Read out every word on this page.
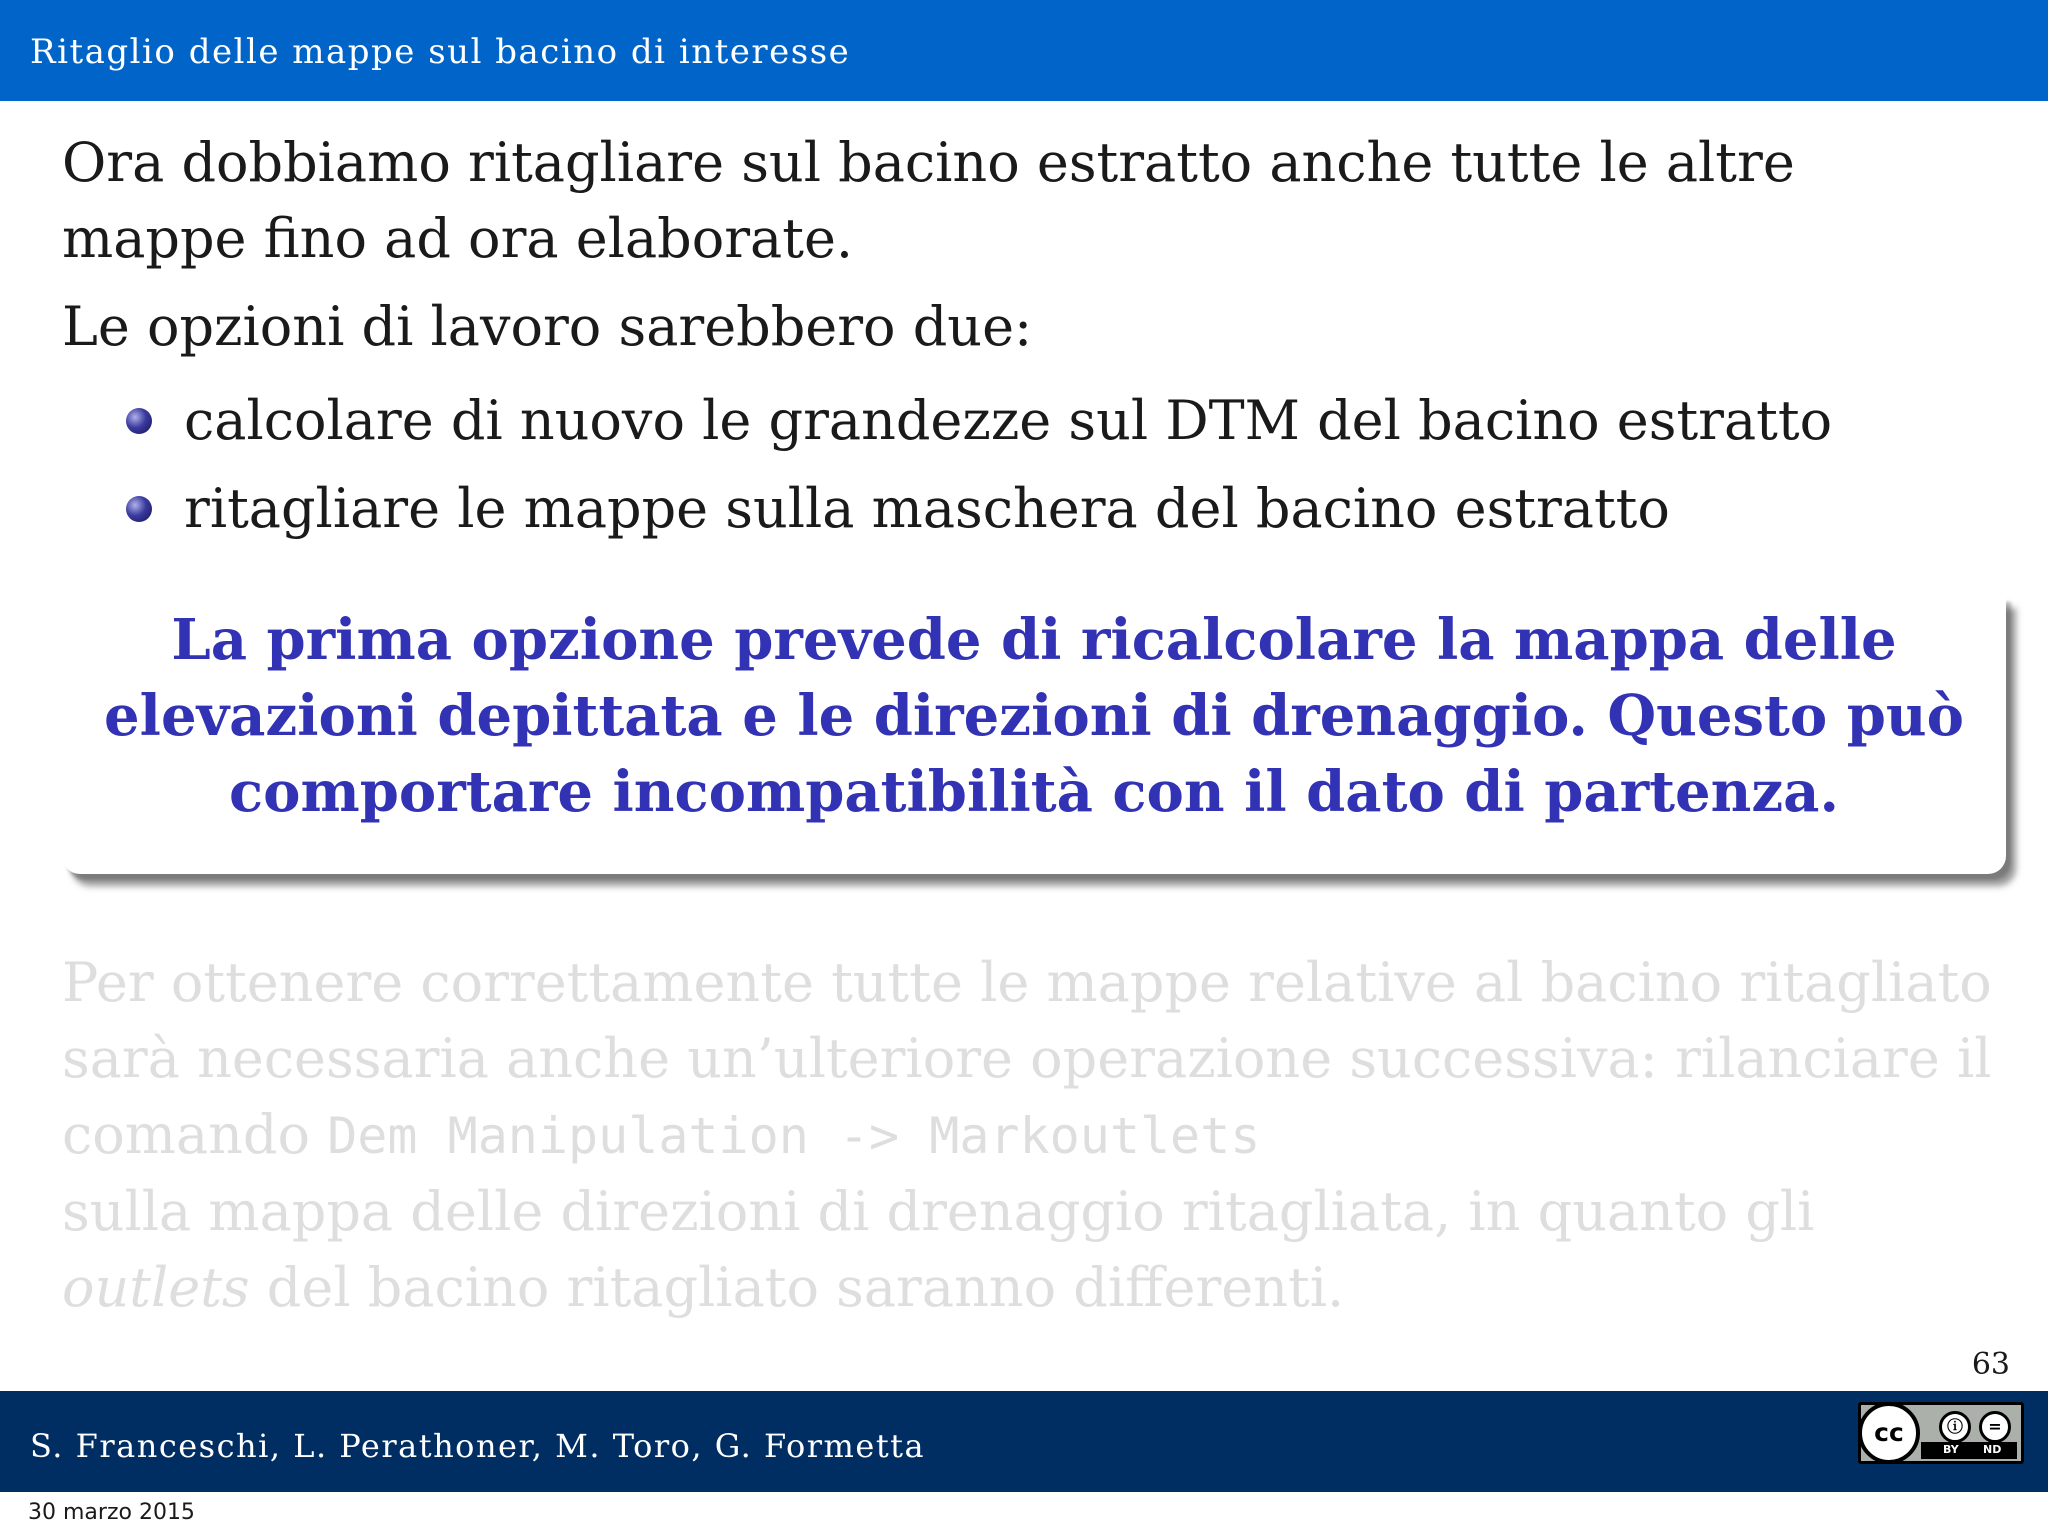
Ritaglio delle mappe sul bacino di interesse

Ora dobbiamo ritagliare sul bacino estratto anche tutte le altre mappe fino ad ora elaborate.

Le opzioni di lavoro sarebbero due:

calcolare di nuovo le grandezze sul DTM del bacino estratto
ritagliare le mappe sulla maschera del bacino estratto

La prima opzione prevede di ricalcolare la mappa delle elevazioni depittata e le direzioni di drenaggio. Questo può comportare incompatibilità con il dato di partenza.

Per ottenere correttamente tutte le mappe relative al bacino ritagliato sarà necessaria anche un’ulteriore operazione successiva: rilanciare il comando Dem Manipulation -> Markoutlets
sulla mappa delle direzioni di drenaggio ritagliata, in quanto gli outlets del bacino ritagliato saranno differenti.

63
S. Franceschi, L. Perathoner, M. Toro, G. Formetta	cc	ⓘ	=
BY ND
30 marzo 2015
